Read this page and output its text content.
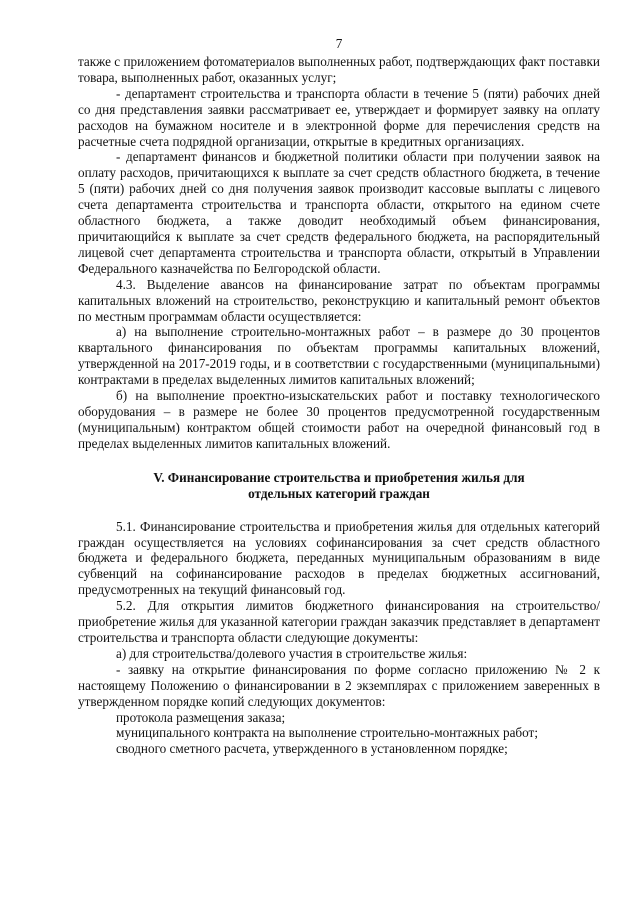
7

также с приложением фотоматериалов выполненных работ, подтверждающих факт поставки товара, выполненных работ, оказанных услуг;

- департамент строительства и транспорта области в течение 5 (пяти) рабочих дней со дня представления заявки рассматривает ее, утверждает и формирует заявку на оплату расходов на бумажном носителе и в электронной форме для перечисления средств на расчетные счета подрядной организации, открытые в кредитных организациях.

- департамент финансов и бюджетной политики области при получении заявок на оплату расходов, причитающихся к выплате за счет средств областного бюджета, в течение 5 (пяти) рабочих дней со дня получения заявок производит кассовые выплаты с лицевого счета департамента строительства и транспорта области, открытого на едином счете областного бюджета, а также доводит необходимый объем финансирования, причитающийся к выплате за счет средств федерального бюджета, на распорядительный лицевой счет департамента строительства и транспорта области, открытый в Управлении Федерального казначейства по Белгородской области.

4.3. Выделение авансов на финансирование затрат по объектам программы капитальных вложений на строительство, реконструкцию и капитальный ремонт объектов по местным программам области осуществляется:

а) на выполнение строительно-монтажных работ – в размере до 30 процентов квартального финансирования по объектам программы капитальных вложений, утвержденной на 2017-2019 годы, и в соответствии с государственными (муниципальными) контрактами в пределах выделенных лимитов капитальных вложений;

б) на выполнение проектно-изыскательских работ и поставку технологического оборудования – в размере не более 30 процентов предусмотренной государственным (муниципальным) контрактом общей стоимости работ на очередной финансовый год в пределах выделенных лимитов капитальных вложений.

V. Финансирование строительства и приобретения жилья для
отдельных категорий граждан

5.1. Финансирование строительства и приобретения жилья для отдельных категорий граждан осуществляется на условиях софинансирования за счет средств областного бюджета и федерального бюджета, переданных муниципальным образованиям в виде субвенций на софинансирование расходов в пределах бюджетных ассигнований, предусмотренных на текущий финансовый год.

5.2. Для открытия лимитов бюджетного финансирования на строительство/приобретение жилья для указанной категории граждан заказчик представляет в департамент строительства и транспорта области следующие документы:

а) для строительства/долевого участия в строительстве жилья:

- заявку на открытие финансирования по форме согласно приложению № 2 к настоящему Положению о финансировании в 2 экземплярах с приложением заверенных в утвержденном порядке копий следующих документов:

протокола размещения заказа;

муниципального контракта на выполнение строительно-монтажных работ;

сводного сметного расчета, утвержденного в установленном порядке;
